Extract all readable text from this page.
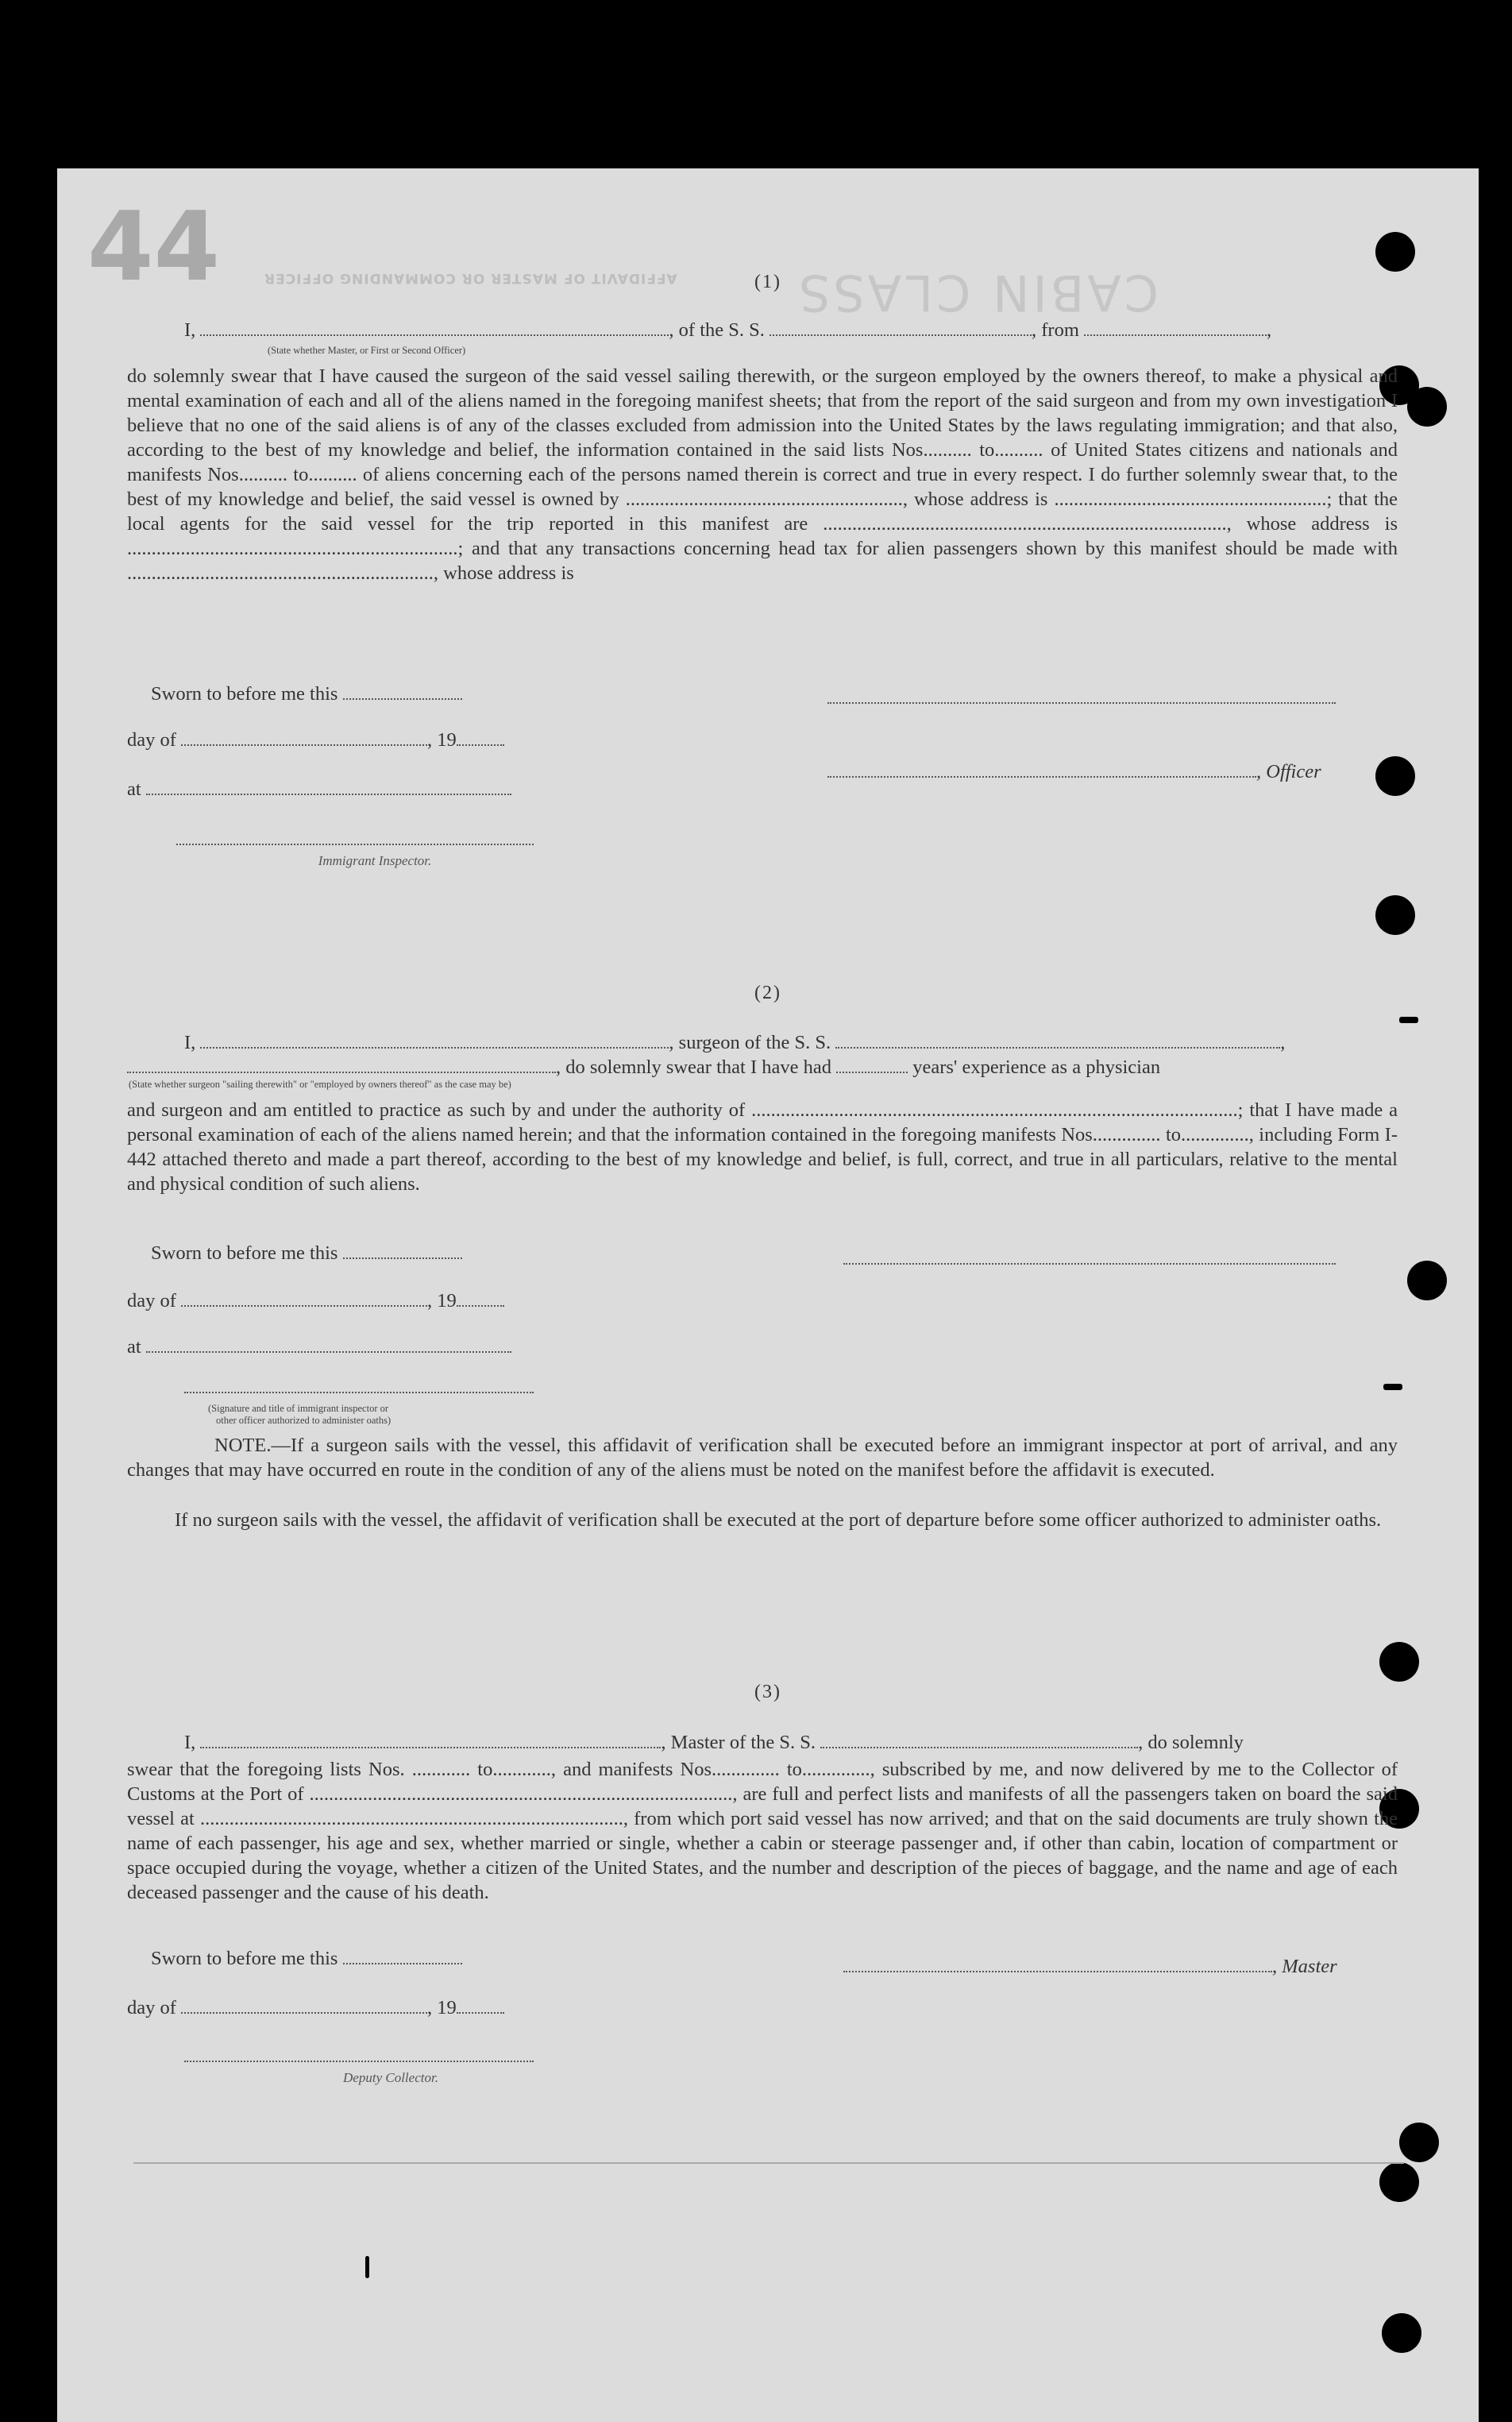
44	CABIN CLASS
AFFIDAVIT OF MASTER OR COMMANDING OFFICER	(1)
I,	, of the S. S.	, from	,
(State whether Master, or First or Second Officer)
do solemnly swear that I have caused the surgeon of the said vessel sailing therewith, or the surgeon employed by the owners thereof, to make a physical and mental examination of each and all of the aliens named in the foregoing manifest sheets; that from the report of the said surgeon and from my own investigation I believe that no one of the said aliens is of any of the classes excluded from admission into the United States by the laws regulating immigration; and that also, according to the best of my knowledge and belief, the information contained in the said lists Nos.......... to.......... of United States citizens and nationals and manifests Nos.......... to.......... of aliens concerning each of the persons named therein is correct and true in every respect. I do further solemnly swear that, to the best of my knowledge and belief, the said vessel is owned by ........................................................., whose address is ........................................................; that the local agents for the said vessel for the trip reported in this manifest are ..................................................................................., whose address is ....................................................................; and that any transactions concerning head tax for alien passengers shown by this manifest should be made with ..............................................................., whose address is
Sworn to before me this
day of	, 19
, Officer
at
Immigrant Inspector.
(2)
I,	, surgeon of the S. S.	,
, do solemnly swear that I have had	years' experience as a physician
(State whether surgeon "sailing therewith" or "employed by owners thereof" as the case may be)
and surgeon and am entitled to practice as such by and under the authority of ....................................................................................................; that I have made a personal examination of each of the aliens named herein; and that the information contained in the foregoing manifests Nos.............. to.............., including Form I-442 attached thereto and made a part thereof, according to the best of my knowledge and belief, is full, correct, and true in all particulars, relative to the mental and physical condition of such aliens.
Sworn to before me this
day of	, 19
at
(Signature and title of immigrant inspector or
other officer authorized to administer oaths)
NOTE.—If a surgeon sails with the vessel, this affidavit of verification shall be executed before an immigrant inspector at port of arrival, and any changes that may have occurred en route in the condition of any of the aliens must be noted on the manifest before the affidavit is executed.
If no surgeon sails with the vessel, the affidavit of verification shall be executed at the port of departure before some officer authorized to administer oaths.
(3)
I,	, Master of the S. S.	, do solemnly
swear that the foregoing lists Nos. ............ to............, and manifests Nos.............. to.............., subscribed by me, and now delivered by me to the Collector of Customs at the Port of ......................................................................................., are full and perfect lists and manifests of all the passengers taken on board the said vessel at ......................................................................................., from which port said vessel has now arrived; and that on the said documents are truly shown the name of each passenger, his age and sex, whether married or single, whether a cabin or steerage passenger and, if other than cabin, location of compartment or space occupied during the voyage, whether a citizen of the United States, and the number and description of the pieces of baggage, and the name and age of each deceased passenger and the cause of his death.
Sworn to before me this	, Master
day of	, 19
Deputy Collector.
